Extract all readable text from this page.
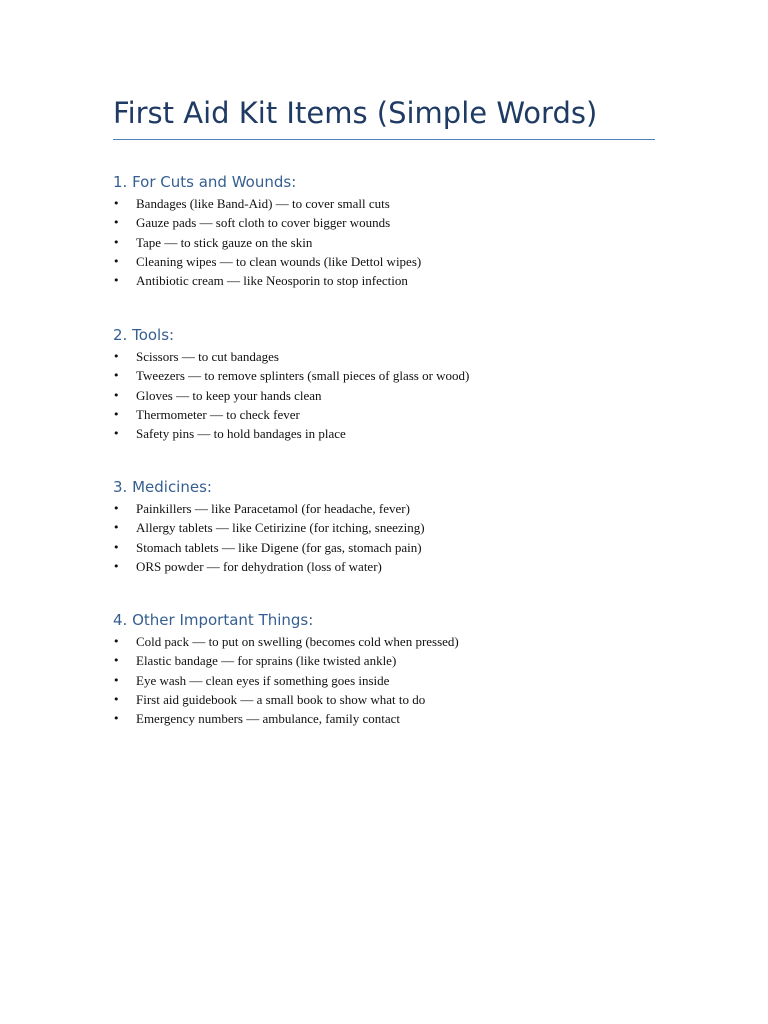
First Aid Kit Items (Simple Words)
1. For Cuts and Wounds:
• Bandages (like Band-Aid) — to cover small cuts
• Gauze pads — soft cloth to cover bigger wounds
• Tape — to stick gauze on the skin
• Cleaning wipes — to clean wounds (like Dettol wipes)
• Antibiotic cream — like Neosporin to stop infection
2. Tools:
• Scissors — to cut bandages
• Tweezers — to remove splinters (small pieces of glass or wood)
• Gloves — to keep your hands clean
• Thermometer — to check fever
• Safety pins — to hold bandages in place
3. Medicines:
• Painkillers — like Paracetamol (for headache, fever)
• Allergy tablets — like Cetirizine (for itching, sneezing)
• Stomach tablets — like Digene (for gas, stomach pain)
• ORS powder — for dehydration (loss of water)
4. Other Important Things:
• Cold pack — to put on swelling (becomes cold when pressed)
• Elastic bandage — for sprains (like twisted ankle)
• Eye wash — clean eyes if something goes inside
• First aid guidebook — a small book to show what to do
• Emergency numbers — ambulance, family contact
